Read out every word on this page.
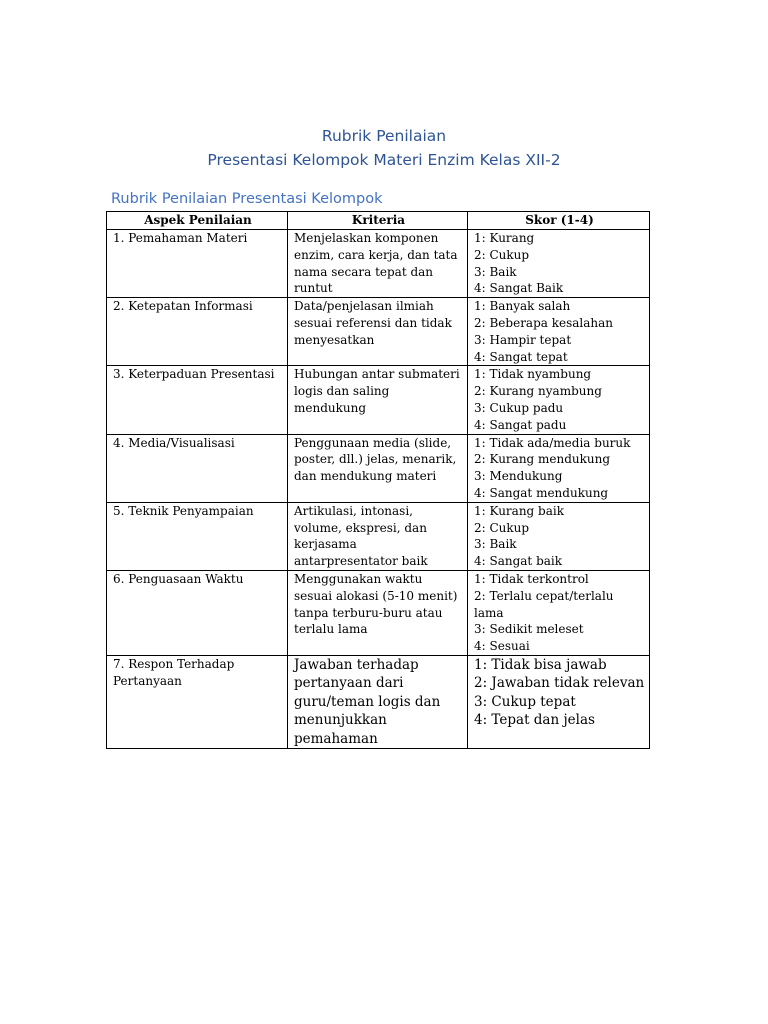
Rubrik Penilaian
Presentasi Kelompok Materi Enzim Kelas XII-2
Rubrik Penilaian Presentasi Kelompok
Aspek Penilaian	Kriteria	Skor (1-4)
1. Pemahaman Materi	Menjelaskan komponen enzim, cara kerja, dan tata nama secara tepat dan runtut	1: Kurang
2: Cukup
3: Baik
4: Sangat Baik

2. Ketepatan Informasi	Data/penjelasan ilmiah sesuai referensi dan tidak menyesatkan	1: Banyak salah
2: Beberapa kesalahan
3: Hampir tepat
4: Sangat tepat

3. Keterpaduan Presentasi	Hubungan antar submateri logis dan saling mendukung	1: Tidak nyambung
2: Kurang nyambung
3: Cukup padu
4: Sangat padu

4. Media/Visualisasi	Penggunaan media (slide, poster, dll.) jelas, menarik, dan mendukung materi	1: Tidak ada/media buruk
2: Kurang mendukung
3: Mendukung
4: Sangat mendukung

5. Teknik Penyampaian	Artikulasi, intonasi, volume, ekspresi, dan kerjasama antarpresentator baik	1: Kurang baik
2: Cukup
3: Baik
4: Sangat baik

6. Penguasaan Waktu	Menggunakan waktu sesuai alokasi (5-10 menit) tanpa terburu-buru atau terlalu lama	1: Tidak terkontrol
2: Terlalu cepat/terlalu lama
3: Sedikit meleset
4: Sesuai

7. Respon Terhadap Pertanyaan	Jawaban terhadap pertanyaan dari guru/teman logis dan menunjukkan pemahaman	1: Tidak bisa jawab
2: Jawaban tidak relevan
3: Cukup tepat
4: Tepat dan jelas
